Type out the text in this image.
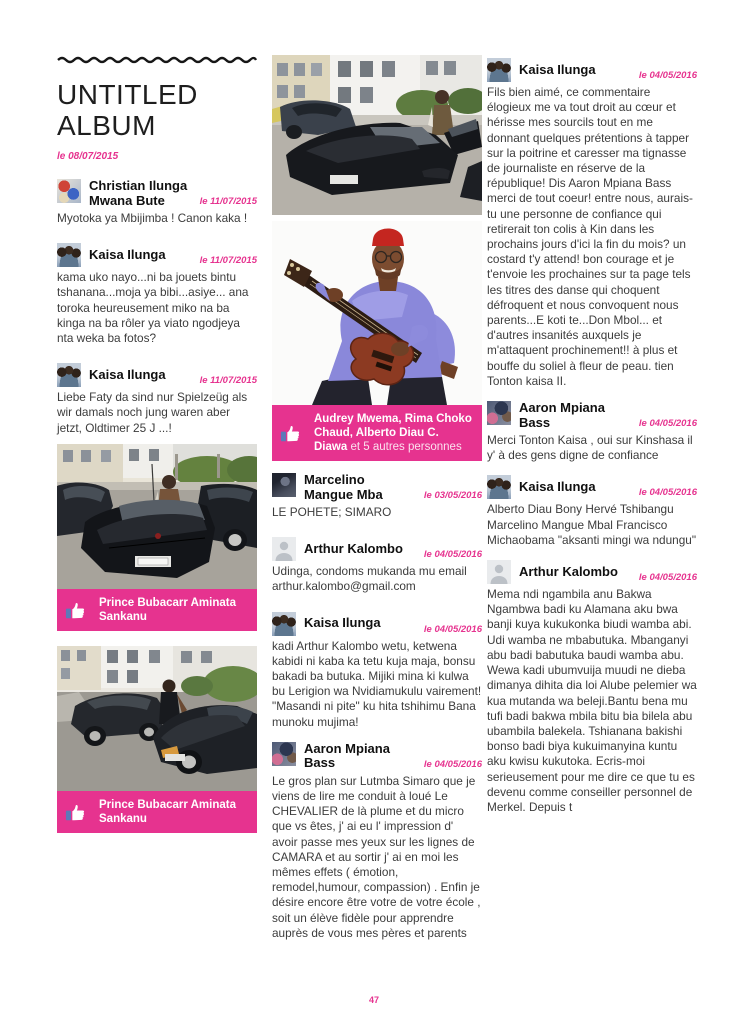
UNTITLED ALBUM
le 08/07/2015
Christian Ilunga Mwana Bute	le 11/07/2015
Myotoka ya Mbijimba ! Canon kaka !
Kaisa Ilunga	le 11/07/2015
kama uko nayo...ni ba jouets bintu tshanana...moja ya bibi...asiye... ana toroka heureusement miko na ba kinga na ba rôler ya viato ngodjeya nta weka ba fotos?
Kaisa Ilunga	le 11/07/2015
Liebe Faty da sind nur Spielzeüg als wir damals noch jung waren aber jetzt, Oldtimer 25 J ...!
Prince Bubacarr Aminata Sankanu
Prince Bubacarr Aminata Sankanu
Audrey Mwema, Rima Choko Chaud, Alberto Diau C. Diawa et 5 autres personnes
Marcelino Mangue Mba	le 03/05/2016
LE POHETE; SIMARO
Arthur Kalombo le 04/05/2016
Udinga, condoms mukanda mu email arthur.kalombo@gmail.com
Kaisa Ilunga	le 04/05/2016
kadi Arthur Kalombo wetu, ketwena kabidi ni kaba ka tetu kuja maja, bonsu bakadi ba butuka. Mijiki mina ki kulwa bu Lerigion wa Nvidiamukulu vairement! "Masandi ni pite" ku hita tshihimu Bana munoku mujima!
Aaron Mpiana Bass	le 04/05/2016
Le gros plan sur Lutmba Simaro que je viens de lire me conduit à loué Le CHEVALIER de là plume et du micro que vs êtes, j' ai eu l' impression d' avoir passe mes yeux sur les lignes de CAMARA et au sortir j' ai en moi les mêmes effets ( émotion, remodel,humour, compassion) . Enfin je désire encore être votre de votre école , soit un élève fidèle pour apprendre auprès de vous mes pères et parents
Kaisa Ilunga	le 04/05/2016
Fils bien aimé, ce commentaire élogieux me va tout droit au cœur et hérisse mes sourcils tout en me donnant quelques prétentions à tapper sur la poitrine et caresser ma tignasse de journaliste en réserve de la république! Dis Aaron Mpiana Bass merci de tout coeur! entre nous, aurais-tu une personne de confiance qui retirerait ton colis à Kin dans les prochains jours d'ici la fin du mois? un costard t'y attend! bon courage et je t'envoie les prochaines sur ta page tels les titres des danse qui choquent défroquent et nous convoquent nous parents...E koti te...Don Mbol... et d'autres insanités auxquels je m'attaquent prochinement!! à plus et bouffe du soliel à fleur de peau. tien Tonton kaisa II.
Aaron Mpiana Bass	le 04/05/2016
Merci Tonton Kaisa , oui sur Kinshasa il y' à des gens digne de confiance
Kaisa Ilunga	le 04/05/2016
Alberto Diau Bony Hervé Tshibangu Marcelino Mangue Mbal Francisco Michaobama "aksanti mingi wa ndungu"
Arthur Kalombo le 04/05/2016
Mema ndi ngambila anu Bakwa Ngambwa badi ku Alamana aku bwa banji kuya kukukonka biudi wamba abi. Udi wamba ne mbabutuka. Mbanganyi abu badi babutuka baudi wamba abu. Wewa kadi ubumvuija muudi ne dieba dimanya dihita dia loi Alube pelemier wa kua mutanda wa beleji.Bantu bena mu tufi badi bakwa mbila bitu bia bilela abu ubambila balekela. Tshianana bakishi bonso badi biya kukuimanyina kuntu aku kwisu kukutoka. Ecris-moi serieusement pour me dire ce que tu es devenu comme conseiller personnel de Merkel. Depuis t
47
